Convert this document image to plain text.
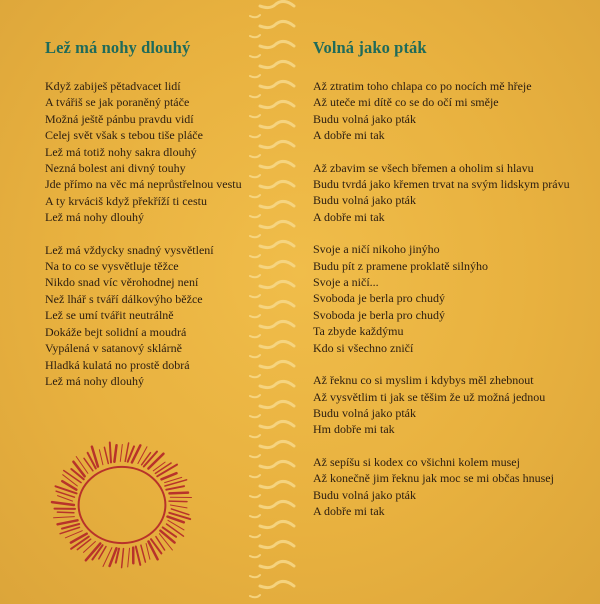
Lež má nohy dlouhý
Když zabiješ pětadvacet lidí
A tvářiš se jak poraněný ptáče
Možná ještě pánbu pravdu vidí
Celej svět však s tebou tiše pláče
Lež má totiž nohy sakra dlouhý
Nezná bolest ani divný touhy
Jde přímo na věc má neprůstřelnou vestu
A ty krváciš když překříží ti cestu
Lež má nohy dlouhý
Lež má vždycky snadný vysvětlení
Na to co se vysvětluje těžce
Nikdo snad víc věrohodnej není
Než lhář s tváří dálkovýho běžce
Lež se umí tvářit neutrálně
Dokáže bejt solidní a moudrá
Vypálená v satanový sklárně
Hladká kulatá no prostě dobrá
Lež má nohy dlouhý
Volná jako pták
Až ztratim toho chlapa co po nocích mě hřeje
Až uteče mi dítě co se do očí mi směje
Budu volná jako pták
A dobře mi tak
Až zbavim se všech břemen a oholim si hlavu
Budu tvrdá jako křemen trvat na svým lidskym právu
Budu volná jako pták
A dobře mi tak
Svoje a ničí nikoho jinýho
Budu pít z pramene proklatě silnýho
Svoje a ničí...
Svoboda je berla pro chudý
Svoboda je berla pro chudý
Ta zbyde každýmu
Kdo si všechno zničí
Až řeknu co si myslim i kdybys měl zhebnout
Až vysvětlim ti jak se těšim že už možná jednou
Budu volná jako pták
Hm dobře mi tak
Až sepíšu si kodex co všichni kolem musej
Až konečně jim řeknu jak moc se mi občas hnusej
Budu volná jako pták
A dobře mi tak
